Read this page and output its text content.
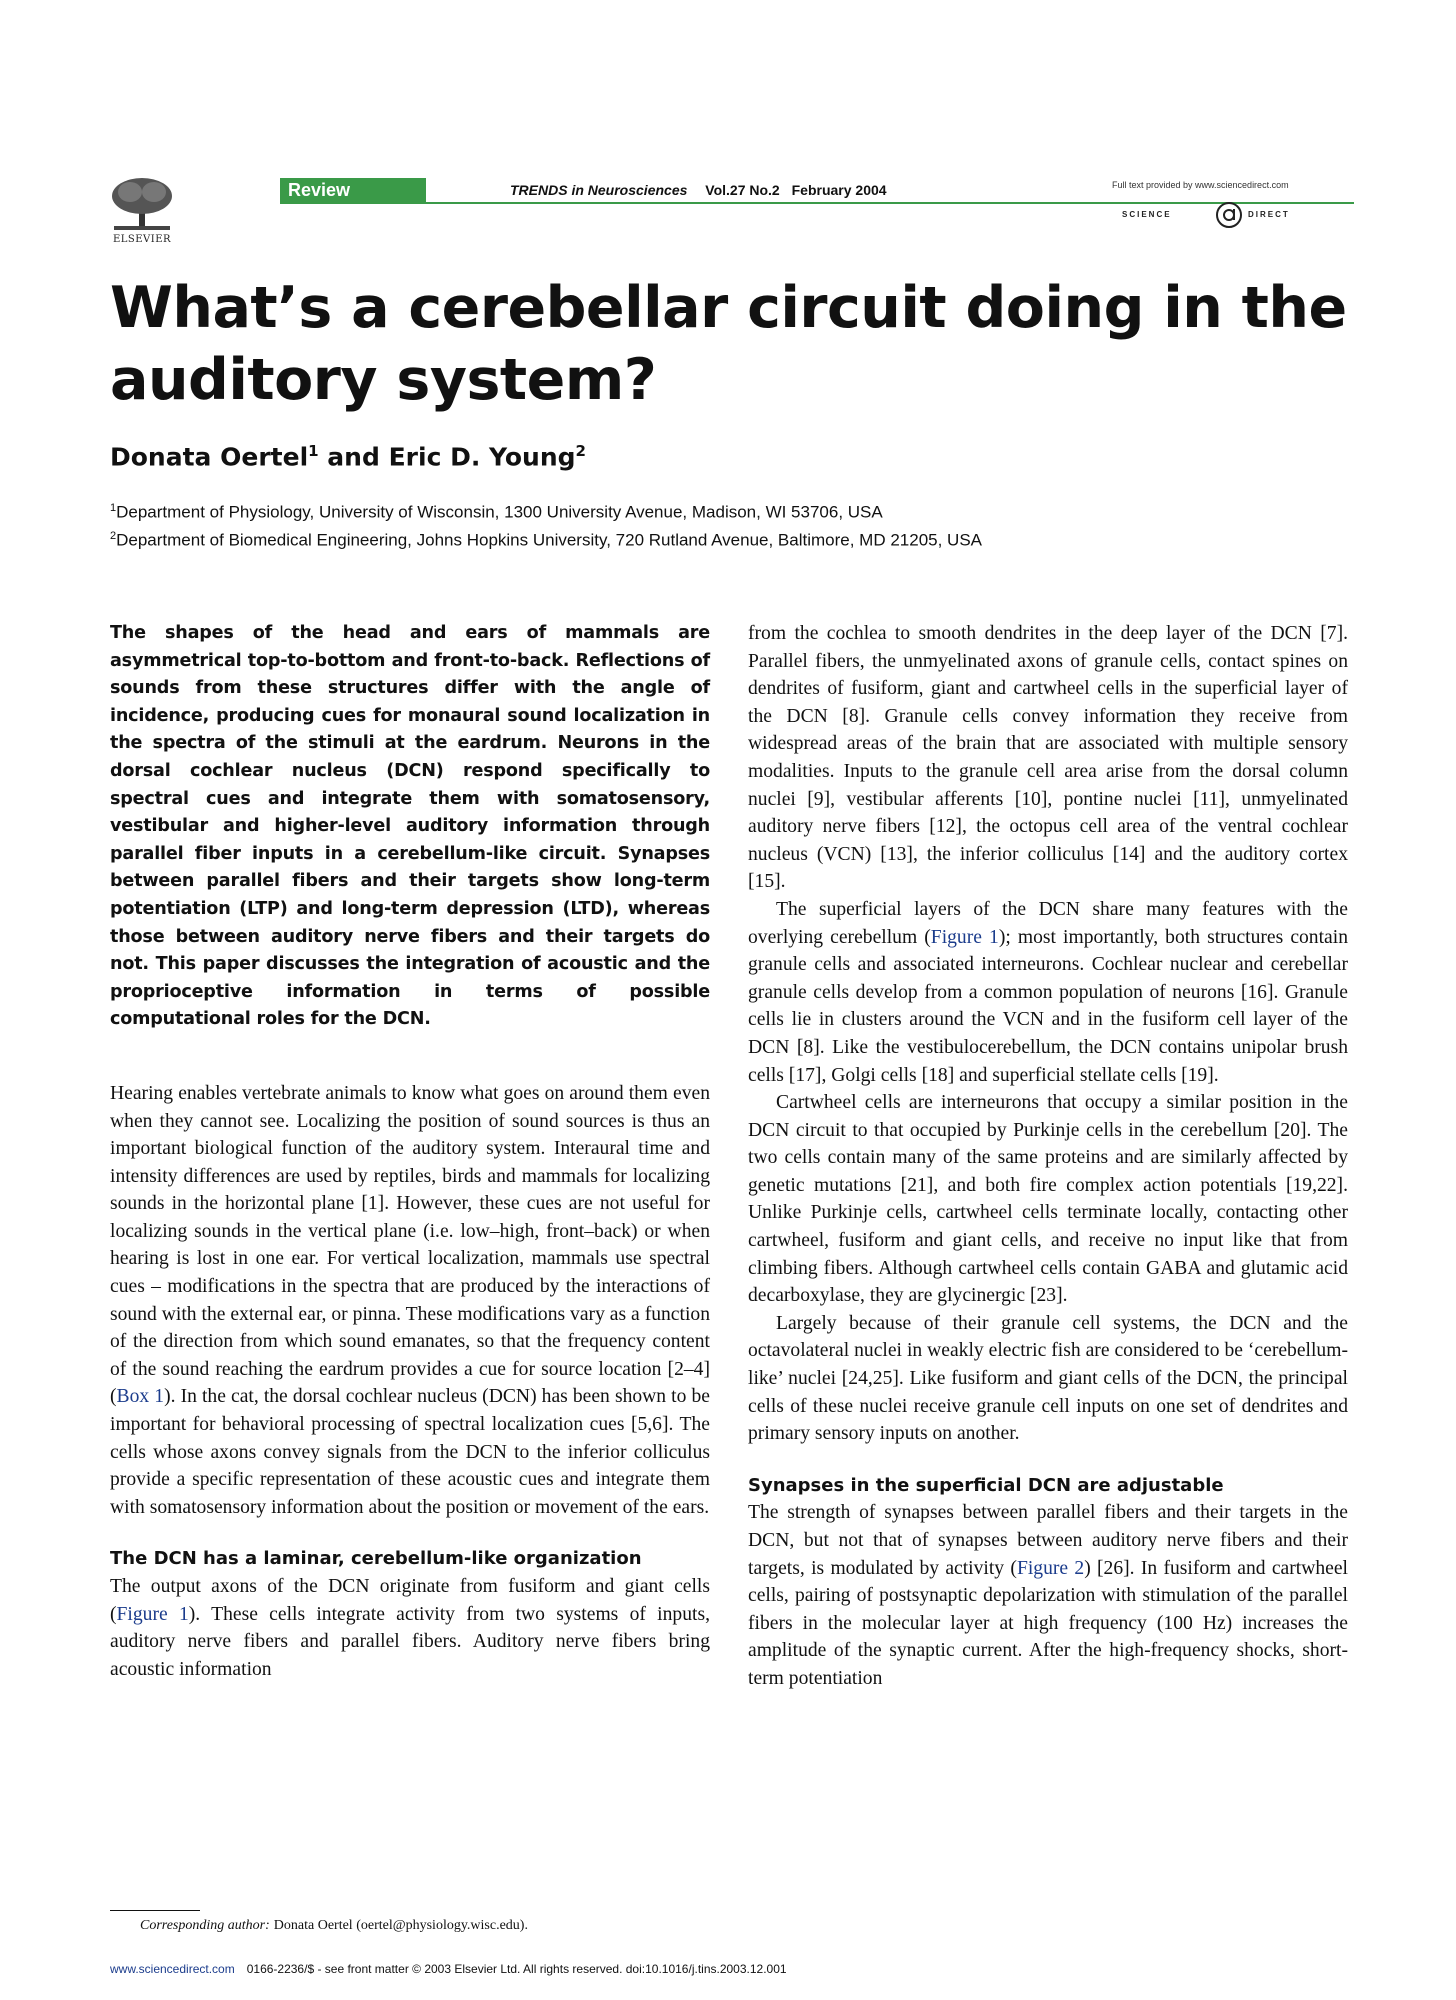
ELSEVIER
Review	TRENDS in Neurosciences Vol.27 No.2 February 2004	Full text provided by www.sciencedirect.com
SCIENCE	DIRECT
What’s a cerebellar circuit doing in the
auditory system?
Donata Oertel$^1$ and Eric D. Young$^2$
$^1$Department of Physiology, University of Wisconsin, 1300 University Avenue, Madison, WI 53706, USA
$^2$Department of Biomedical Engineering, Johns Hopkins University, 720 Rutland Avenue, Baltimore, MD 21205, USA

The shapes of the head and ears of mammals are asymmetrical top-to-bottom and front-to-back. Reflections of sounds from these structures differ with the angle of incidence, producing cues for monaural sound localization in the spectra of the stimuli at the eardrum. Neurons in the dorsal cochlear nucleus (DCN) respond specifically to spectral cues and integrate them with somatosensory, vestibular and higher-level auditory information through parallel fiber inputs in a cerebellum-like circuit. Synapses between parallel fibers and their targets show long-term potentiation (LTP) and long-term depression (LTD), whereas those between auditory nerve fibers and their targets do not. This paper discusses the integration of acoustic and the proprioceptive information in terms of possible computational roles for the DCN.

Hearing enables vertebrate animals to know what goes on around them even when they cannot see. Localizing the position of sound sources is thus an important biological function of the auditory system. Interaural time and intensity differences are used by reptiles, birds and mammals for localizing sounds in the horizontal plane [1]. However, these cues are not useful for localizing sounds in the vertical plane (i.e. low–high, front–back) or when hearing is lost in one ear. For vertical localization, mammals use spectral cues – modifications in the spectra that are produced by the interactions of sound with the external ear, or pinna. These modifications vary as a function of the direction from which sound emanates, so that the frequency content of the sound reaching the eardrum provides a cue for source location [2–4] (Box 1). In the cat, the dorsal cochlear nucleus (DCN) has been shown to be important for behavioral processing of spectral localization cues [5,6]. The cells whose axons convey signals from the DCN to the inferior colliculus provide a specific representation of these acoustic cues and integrate them with somatosensory information about the position or movement of the ears.

The DCN has a laminar, cerebellum-like organization

The output axons of the DCN originate from fusiform and giant cells (Figure 1). These cells integrate activity from two systems of inputs, auditory nerve fibers and parallel fibers. Auditory nerve fibers bring acoustic information

from the cochlea to smooth dendrites in the deep layer of the DCN [7]. Parallel fibers, the unmyelinated axons of granule cells, contact spines on dendrites of fusiform, giant and cartwheel cells in the superficial layer of the DCN [8]. Granule cells convey information they receive from widespread areas of the brain that are associated with multiple sensory modalities. Inputs to the granule cell area arise from the dorsal column nuclei [9], vestibular afferents [10], pontine nuclei [11], unmyelinated auditory nerve fibers [12], the octopus cell area of the ventral cochlear nucleus (VCN) [13], the inferior colliculus [14] and the auditory cortex [15].

The superficial layers of the DCN share many features with the overlying cerebellum (Figure 1); most importantly, both structures contain granule cells and associated interneurons. Cochlear nuclear and cerebellar granule cells develop from a common population of neurons [16]. Granule cells lie in clusters around the VCN and in the fusiform cell layer of the DCN [8]. Like the vestibulocerebellum, the DCN contains unipolar brush cells [17], Golgi cells [18] and superficial stellate cells [19].

Cartwheel cells are interneurons that occupy a similar position in the DCN circuit to that occupied by Purkinje cells in the cerebellum [20]. The two cells contain many of the same proteins and are similarly affected by genetic mutations [21], and both fire complex action potentials [19,22]. Unlike Purkinje cells, cartwheel cells terminate locally, contacting other cartwheel, fusiform and giant cells, and receive no input like that from climbing fibers. Although cartwheel cells contain GABA and glutamic acid decarboxylase, they are glycinergic [23].

Largely because of their granule cell systems, the DCN and the octavolateral nuclei in weakly electric fish are considered to be ‘cerebellum-like’ nuclei [24,25]. Like fusiform and giant cells of the DCN, the principal cells of these nuclei receive granule cell inputs on one set of dendrites and primary sensory inputs on another.

Synapses in the superficial DCN are adjustable

The strength of synapses between parallel fibers and their targets in the DCN, but not that of synapses between auditory nerve fibers and their targets, is modulated by activity (Figure 2) [26]. In fusiform and cartwheel cells, pairing of postsynaptic depolarization with stimulation of the parallel fibers in the molecular layer at high frequency (100 Hz) increases the amplitude of the synaptic current. After the high-frequency shocks, short-term potentiation

Corresponding author: Donata Oertel (oertel@physiology.wisc.edu).
www.sciencedirect.com 0166-2236/$ - see front matter © 2003 Elsevier Ltd. All rights reserved. doi:10.1016/j.tins.2003.12.001
